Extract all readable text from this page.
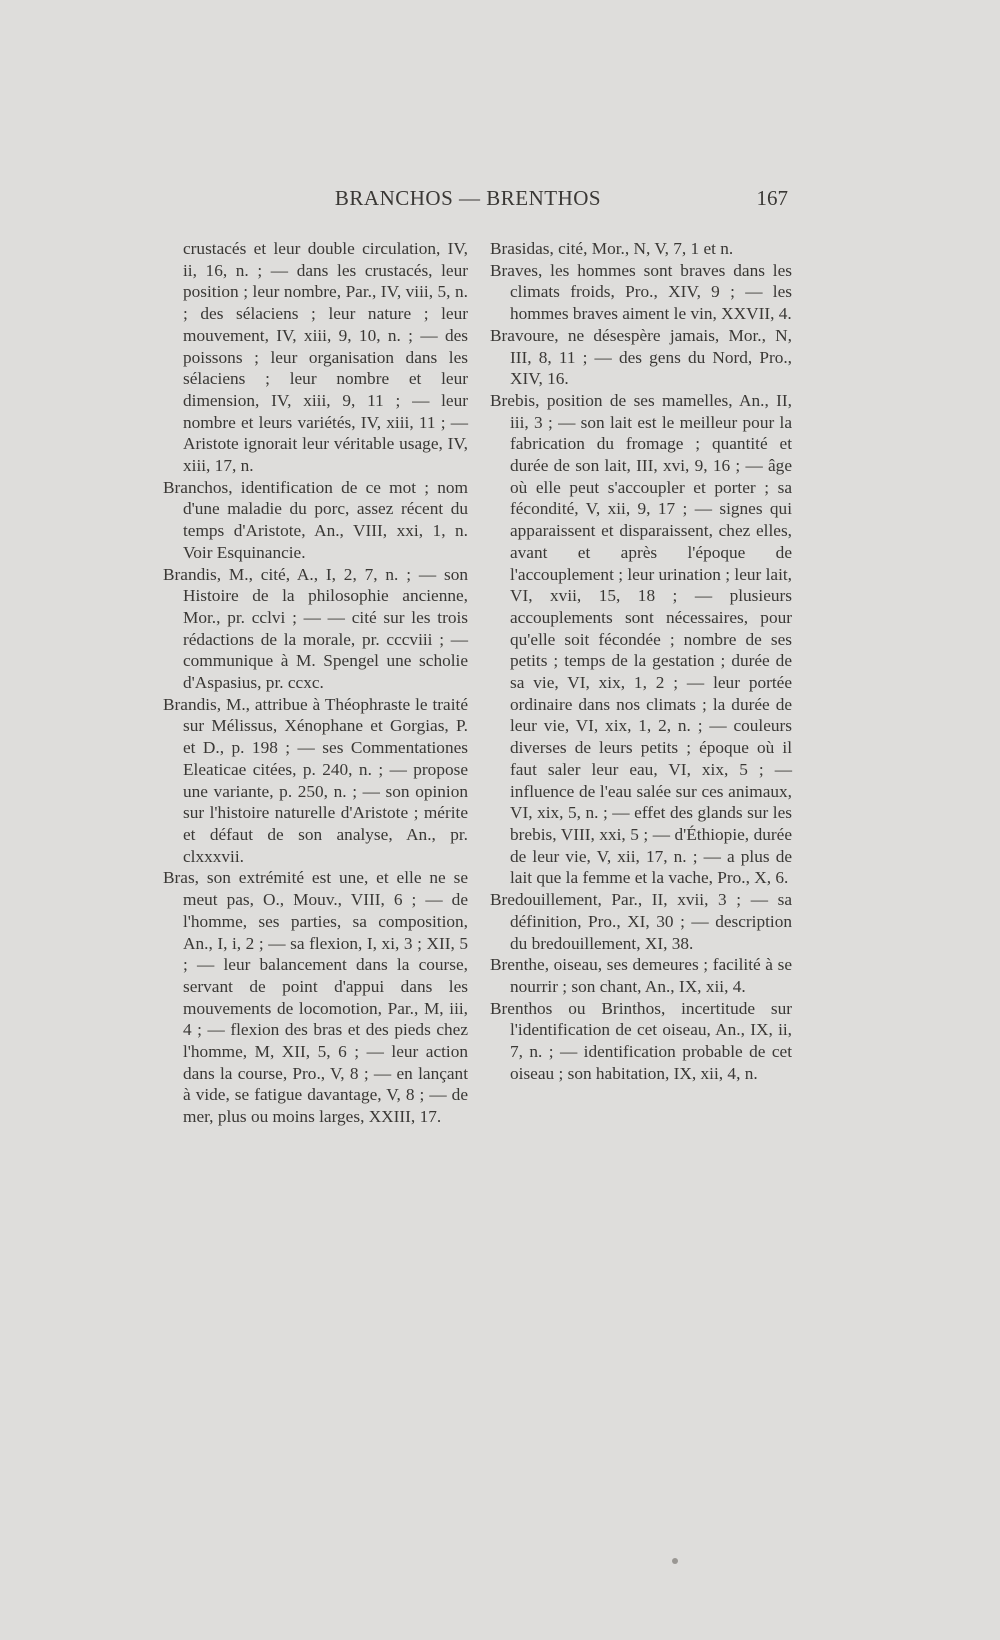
BRANCHOS — BRENTHOS	167

crustacés et leur double circulation, IV, ii, 16, n. ; — dans les crustacés, leur position ; leur nombre, Par., IV, viii, 5, n. ; des sélaciens ; leur nature ; leur mouvement, IV, xiii, 9, 10, n. ; — des poissons ; leur organisation dans les sélaciens ; leur nombre et leur dimension, IV, xiii, 9, 11 ; — leur nombre et leurs variétés, IV, xiii, 11 ; — Aristote ignorait leur véritable usage, IV, xiii, 17, n.

Branchos, identification de ce mot ; nom d'une maladie du porc, assez récent du temps d'Aristote, An., VIII, xxi, 1, n. Voir Esquinancie.

Brandis, M., cité, A., I, 2, 7, n. ; — son Histoire de la philosophie ancienne, Mor., pr. cclvi ; — — cité sur les trois rédactions de la morale, pr. cccviii ; — communique à M. Spengel une scholie d'Aspasius, pr. ccxc.

Brandis, M., attribue à Théophraste le traité sur Mélissus, Xénophane et Gorgias, P. et D., p. 198 ; — ses Commentationes Eleaticae citées, p. 240, n. ; — propose une variante, p. 250, n. ; — son opinion sur l'histoire naturelle d'Aristote ; mérite et défaut de son analyse, An., pr. clxxxvii.

Bras, son extrémité est une, et elle ne se meut pas, O., Mouv., VIII, 6 ; — de l'homme, ses parties, sa composition, An., I, i, 2 ; — sa flexion, I, xi, 3 ; XII, 5 ; — leur balancement dans la course, servant de point d'appui dans les mouvements de locomotion, Par., M, iii, 4 ; — flexion des bras et des pieds chez l'homme, M, XII, 5, 6 ; — leur action dans la course, Pro., V, 8 ; — en lançant à vide, se fatigue davantage, V, 8 ; — de mer, plus ou moins larges, XXIII, 17.

Brasidas, cité, Mor., N, V, 7, 1 et n.

Braves, les hommes sont braves dans les climats froids, Pro., XIV, 9 ; — les hommes braves aiment le vin, XXVII, 4.

Bravoure, ne désespère jamais, Mor., N, III, 8, 11 ; — des gens du Nord, Pro., XIV, 16.

Brebis, position de ses mamelles, An., II, iii, 3 ; — son lait est le meilleur pour la fabrication du fromage ; quantité et durée de son lait, III, xvi, 9, 16 ; — âge où elle peut s'accoupler et porter ; sa fécondité, V, xii, 9, 17 ; — signes qui apparaissent et disparaissent, chez elles, avant et après l'époque de l'accouplement ; leur urination ; leur lait, VI, xvii, 15, 18 ; — plusieurs accouplements sont nécessaires, pour qu'elle soit fécondée ; nombre de ses petits ; temps de la gestation ; durée de sa vie, VI, xix, 1, 2 ; — leur portée ordinaire dans nos climats ; la durée de leur vie, VI, xix, 1, 2, n. ; — couleurs diverses de leurs petits ; époque où il faut saler leur eau, VI, xix, 5 ; — influence de l'eau salée sur ces animaux, VI, xix, 5, n. ; — effet des glands sur les brebis, VIII, xxi, 5 ; — d'Éthiopie, durée de leur vie, V, xii, 17, n. ; — a plus de lait que la femme et la vache, Pro., X, 6.

Bredouillement, Par., II, xvii, 3 ; — sa définition, Pro., XI, 30 ; — description du bredouillement, XI, 38.

Brenthe, oiseau, ses demeures ; facilité à se nourrir ; son chant, An., IX, xii, 4.

Brenthos ou Brinthos, incertitude sur l'identification de cet oiseau, An., IX, ii, 7, n. ; — identification probable de cet oiseau ; son habitation, IX, xii, 4, n.
